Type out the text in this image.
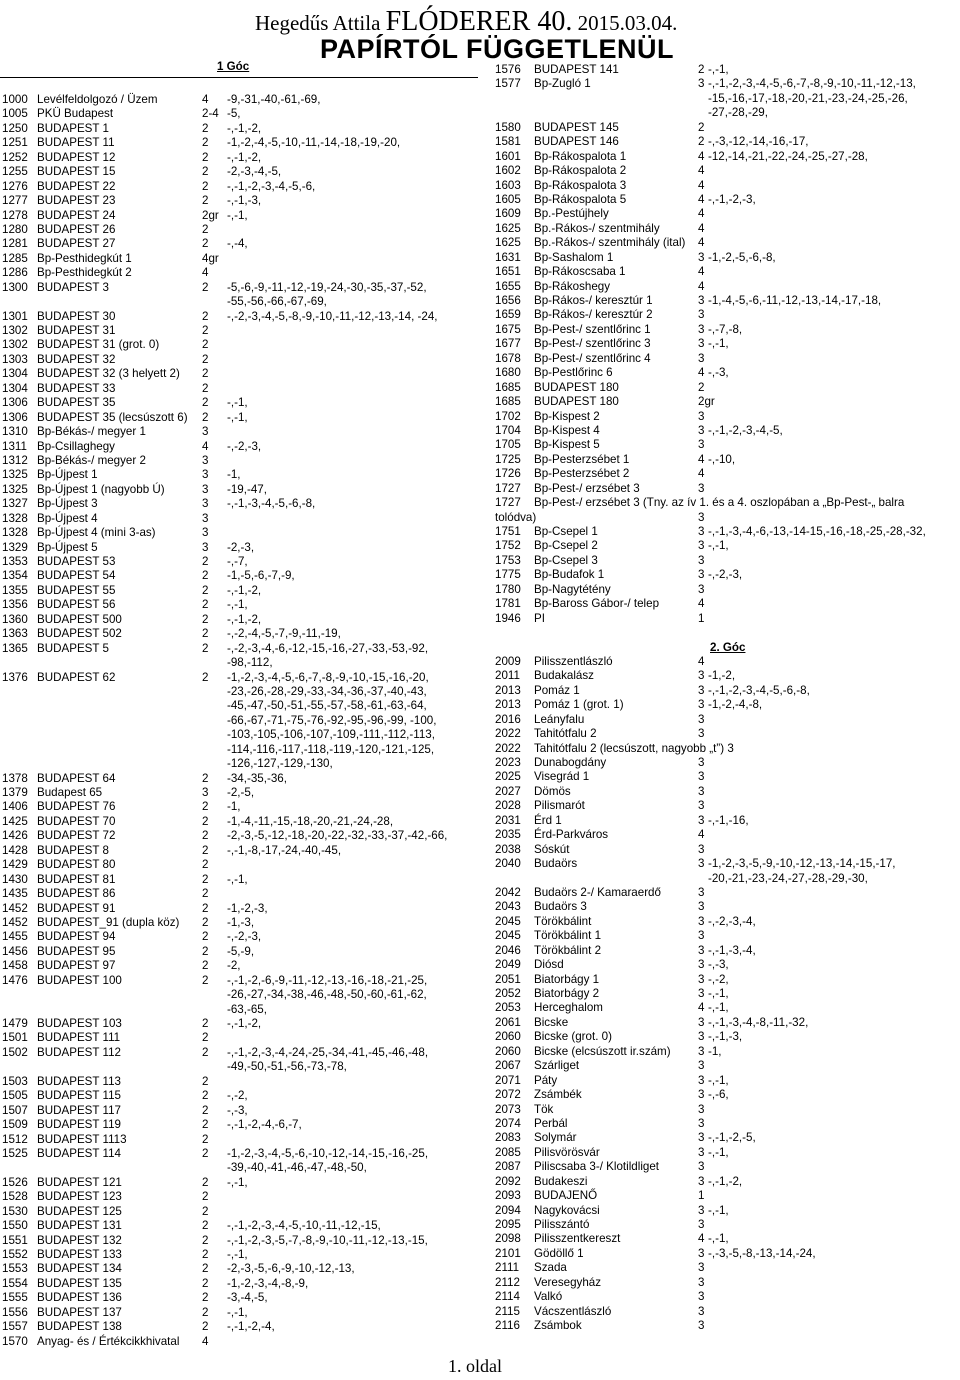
Hegedűs Attila FLÓDERER 40. 2015.03.04.
PAPÍRTÓL FÜGGETLENÜL
1 Góc
1000 Levélfeldolgozó / Üzem	4 -9,-31,-40,-61,-69,
1005 PKÜ Budapest	2-4 -5,
1250 BUDAPEST 1	2 -,-1,-2,
1251 BUDAPEST 11	2 -1,-2,-4,-5,-10,-11,-14,-18,-19,-20,
1252 BUDAPEST 12	2 -,-1,-2,
1255 BUDAPEST 15	2 -2,-3,-4,-5,
1276 BUDAPEST 22	2 -,-1,-2,-3,-4,-5,-6,
1277 BUDAPEST 23	2 -,-1,-3,
1278 BUDAPEST 24	2gr -,-1,
1280 BUDAPEST 26	2
1281 BUDAPEST 27	2 -,-4,
1285 Bp-Pesthidegkút 1	4gr
1286 Bp-Pesthidegkút 2	4
1300 BUDAPEST 3	2 -5,-6,-9,-11,-12,-19,-24,-30,-35,-37,-52,
-55,-56,-66,-67,-69,
1301 BUDAPEST 30	2 -,-2,-3,-4,-5,-8,-9,-10,-11,-12,-13,-14, -24,
1302 BUDAPEST 31	2
1302 BUDAPEST 31 (grot. 0)	2
1303 BUDAPEST 32	2
1304 BUDAPEST 32 (3 helyett 2) 2
1304 BUDAPEST 33	2
1306 BUDAPEST 35	2 -,-1,
1306 BUDAPEST 35 (lecsúszott 6) 2 -,-1,
1310 Bp-Békás-/ megyer 1	3
1311 Bp-Csillaghegy	4 -,-2,-3,
1312 Bp-Békás-/ megyer 2	3
1325 Bp-Újpest 1	3 -1,
1325 Bp-Újpest 1 (nagyobb Ú)	3 -19,-47,
1327 Bp-Újpest 3	3 -,-1,-3,-4,-5,-6,-8,
1328 Bp-Újpest 4	3
1328 Bp-Újpest 4 (mini 3-as)	3
1329 Bp-Újpest 5	3 -2,-3,
1353 BUDAPEST 53	2 -,-7,
1354 BUDAPEST 54	2 -1,-5,-6,-7,-9,
1355 BUDAPEST 55	2 -,-1,-2,
1356 BUDAPEST 56	2 -,-1,
1360 BUDAPEST 500	2 -,-1,-2,
1363 BUDAPEST 502	2 -,-2,-4,-5,-7,-9,-11,-19,
1365 BUDAPEST 5	2 -,-2,-3,-4,-6,-12,-15,-16,-27,-33,-53,-92,
-98,-112,
1376 BUDAPEST 62	2 -1,-2,-3,-4,-5,-6,-7,-8,-9,-10,-15,-16,-20,
-23,-26,-28,-29,-33,-34,-36,-37,-40,-43,
-45,-47,-50,-51,-55,-57,-58,-61,-63,-64,
-66,-67,-71,-75,-76,-92,-95,-96,-99, -100,
-103,-105,-106,-107,-109,-111,-112,-113,
-114,-116,-117,-118,-119,-120,-121,-125,
-126,-127,-129,-130,
1378 BUDAPEST 64	2 -34,-35,-36,
1379 Budapest 65	3 -2,-5,
1406 BUDAPEST 76	2 -1,
1425 BUDAPEST 70	2 -1,-4,-11,-15,-18,-20,-21,-24,-28,
1426 BUDAPEST 72	2 -2,-3,-5,-12,-18,-20,-22,-32,-33,-37,-42,-66,
1428 BUDAPEST 8	2 -,-1,-8,-17,-24,-40,-45,
1429 BUDAPEST 80	2
1430 BUDAPEST 81	2 -,-1,
1435 BUDAPEST 86	2
1452 BUDAPEST 91	2 -1,-2,-3,
1452 BUDAPEST_91 (dupla köz) 2 -1,-3,
1455 BUDAPEST 94	2 -,-2,-3,
1456 BUDAPEST 95	2 -5,-9,
1458 BUDAPEST 97	2 -2,
1476 BUDAPEST 100	2 -,-1,-2,-6,-9,-11,-12,-13,-16,-18,-21,-25,
-26,-27,-34,-38,-46,-48,-50,-60,-61,-62,
-63,-65,
1479 BUDAPEST 103	2 -,-1,-2,
1501 BUDAPEST 111	2
1502 BUDAPEST 112	2 -,-1,-2,-3,-4,-24,-25,-34,-41,-45,-46,-48,
-49,-50,-51,-56,-73,-78,
1503 BUDAPEST 113	2
1505 BUDAPEST 115	2 -,-2,
1507 BUDAPEST 117	2 -,-3,
1509 BUDAPEST 119	2 -,-1,-2,-4,-6,-7,
1512 BUDAPEST 1113	2
1525 BUDAPEST 114	2 -1,-2,-3,-4,-5,-6,-10,-12,-14,-15,-16,-25,
-39,-40,-41,-46,-47,-48,-50,
1526 BUDAPEST 121	2 -,-1,
1528 BUDAPEST 123	2
1530 BUDAPEST 125	2
1550 BUDAPEST 131	2 -,-1,-2,-3,-4,-5,-10,-11,-12,-15,
1551 BUDAPEST 132	2 -,-1,-2,-3,-5,-7,-8,-9,-10,-11,-12,-13,-15,
1552 BUDAPEST 133	2 -,-1,
1553 BUDAPEST 134	2 -2,-3,-5,-6,-9,-10,-12,-13,
1554 BUDAPEST 135	2 -1,-2,-3,-4,-8,-9,
1555 BUDAPEST 136	2 -3,-4,-5,
1556 BUDAPEST 137	2 -,-1,
1557 BUDAPEST 138	2 -,-1,-2,-4,
1570 Anyag- és / Értékcikkhivatal 4
1576 BUDAPEST 141	2 -,-1,
1577 Bp-Zugló 1	3 -,-1,-2,-3,-4,-5,-6,-7,-8,-9,-10,-11,-12,-13,
-15,-16,-17,-18,-20,-21,-23,-24,-25,-26,
-27,-28,-29,
1580 BUDAPEST 145	2
1581 BUDAPEST 146	2 -,-3,-12,-14,-16,-17,
1601 Bp-Rákospalota 1	4 -12,-14,-21,-22,-24,-25,-27,-28,
1602 Bp-Rákospalota 2	4
1603 Bp-Rákospalota 3	4
1605 Bp-Rákospalota 5	4 -,-1,-2,-3,
1609 Bp.-Pestújhely	4
1625 Bp.-Rákos-/ szentmihály	4
1625 Bp.-Rákos-/ szentmihály (ital) 4
1631 Bp-Sashalom 1	3 -1,-2,-5,-6,-8,
1651 Bp-Rákoscsaba 1	4
1655 Bp-Rákoshegy	4
1656 Bp-Rákos-/ keresztúr 1	3 -1,-4,-5,-6,-11,-12,-13,-14,-17,-18,
1659 Bp-Rákos-/ keresztúr 2	3
1675 Bp-Pest-/ szentlőrinc 1	3 -,-7,-8,
1677 Bp-Pest-/ szentlőrinc 3	3 -,-1,
1678 Bp-Pest-/ szentlőrinc 4	3
1680 Bp-Pestlőrinc 6	4 -,-3,
1685 BUDAPEST 180	2
1685 BUDAPEST 180	2gr
1702 Bp-Kispest 2	3
1704 Bp-Kispest 4	3 -,-1,-2,-3,-4,-5,
1705 Bp-Kispest 5	3
1725 Bp-Pesterzsébet 1	4 -,-10,
1726 Bp-Pesterzsébet 2	4
1727 Bp-Pest-/ erzsébet 3	3
1727 Bp-Pest-/ erzsébet 3 (Tny. az ív 1. és a 4. oszlopában a „Bp-Pest-„ balra
tolódva)	3
1751 Bp-Csepel 1	3 -,-1,-3,-4,-6,-13,-14-15,-16,-18,-25,-28,-32,
1752 Bp-Csepel 2	3 -,-1,
1753 Bp-Csepel 3	3
1775 Bp-Budafok 1	3 -,-2,-3,
1780 Bp-Nagytétény	3
1781 Bp-Baross Gábor-/ telep	4
1946 PI	1
2. Góc
2009 Pilisszentlászló	4
2011 Budakalász	3 -1,-2,
2013 Pomáz 1	3 -,-1,-2,-3,-4,-5,-6,-8,
2013 Pomáz 1 (grot. 1)	3 -1,-2,-4,-8,
2016 Leányfalu	3
2022 Tahitótfalu 2	3
2022 Tahitótfalu 2 (lecsúszott, nagyobb „t”) 3
2023 Dunabogdány	3
2025 Visegrád 1	3
2027 Dömös	3
2028 Pilismarót	3
2031 Érd 1	3 -,-1,-16,
2035 Érd-Parkváros	4
2038 Sóskút	3
2040 Budaörs	3 -1,-2,-3,-5,-9,-10,-12,-13,-14,-15,-17,
-20,-21,-23,-24,-27,-28,-29,-30,
2042 Budaörs 2-/ Kamaraerdő	3
2043 Budaörs 3	3
2045 Törökbálint	3 -,-2,-3,-4,
2045 Törökbálint 1	3
2046 Törökbálint 2	3 -,-1,-3,-4,
2049 Diósd	3 -,-3,
2051 Biatorbágy 1	3 -,-2,
2052 Biatorbágy 2	3 -,-1,
2053 Herceghalom	4 -,-1,
2061 Bicske	3 -,-1,-3,-4,-8,-11,-32,
2060 Bicske (grot. 0)	3 -,-1,-3,
2060 Bicske (elcsúszott ir.szám) 3 -1,
2067 Szárliget	3
2071 Páty	3 -,-1,
2072 Zsámbék	3 -,-6,
2073 Tök	3
2074 Perbál	3
2083 Solymár	3 -,-1,-2,-5,
2085 Pilisvörösvár	3 -,-1,
2087 Piliscsaba 3-/ Klotildliget	3
2092 Budakeszi	3 -,-1,-2,
2093 BUDAJENŐ	1
2094 Nagykovácsi	3 -,-1,
2095 Pilisszántó	3
2098 Pilisszentkereszt	4 -,-1,
2101 Gödöllő 1	3 -,-3,-5,-8,-13,-14,-24,
2111 Szada	3
2112 Veresegyház	3
2114 Valkó	3
2115 Vácszentlászló	3
2116 Zsámbok	3
1. oldal
